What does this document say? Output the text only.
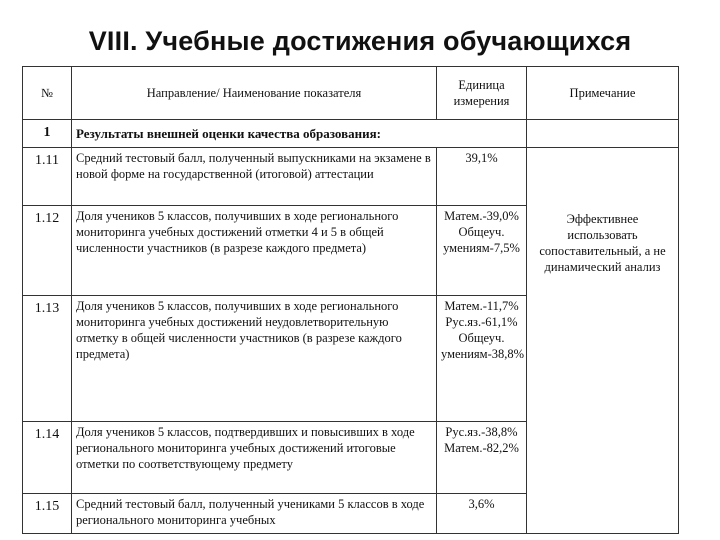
VIII. Учебные достижения обучающихся
№	Направление/ Наименование показателя	Единица измерения	Примечание
1	Результаты внешней оценки качества образования:		
1.11	Средний тестовый балл, полученный выпускниками на экзамене в новой форме на государственной (итоговой) аттестации	39,1%	Эффективнее использовать сопоставительный, а не динамический анализ

1.12	Доля учеников 5 классов, получивших в ходе регионального мониторинга учебных достижений отметки 4 и 5 в общей численности участников (в разрезе каждого предмета)	Матем.-39,0% Общеуч. умениям-7,5%	
1.13	Доля учеников 5 классов, получивших в ходе регионального мониторинга учебных достижений неудовлетворительную отметку в общей численности участников (в разрезе каждого предмета)	Матем.-11,7% Рус.яз.-61,1% Общеуч. умениям-38,8%	
1.14	Доля учеников 5 классов, подтвердивших и повысивших в ходе регионального мониторинга учебных достижений итоговые отметки по соответствующему предмету	Рус.яз.-38,8% Матем.-82,2%	
1.15	Средний тестовый балл, полученный учениками 5 классов в ходе регионального мониторинга учебных	3,6%	
